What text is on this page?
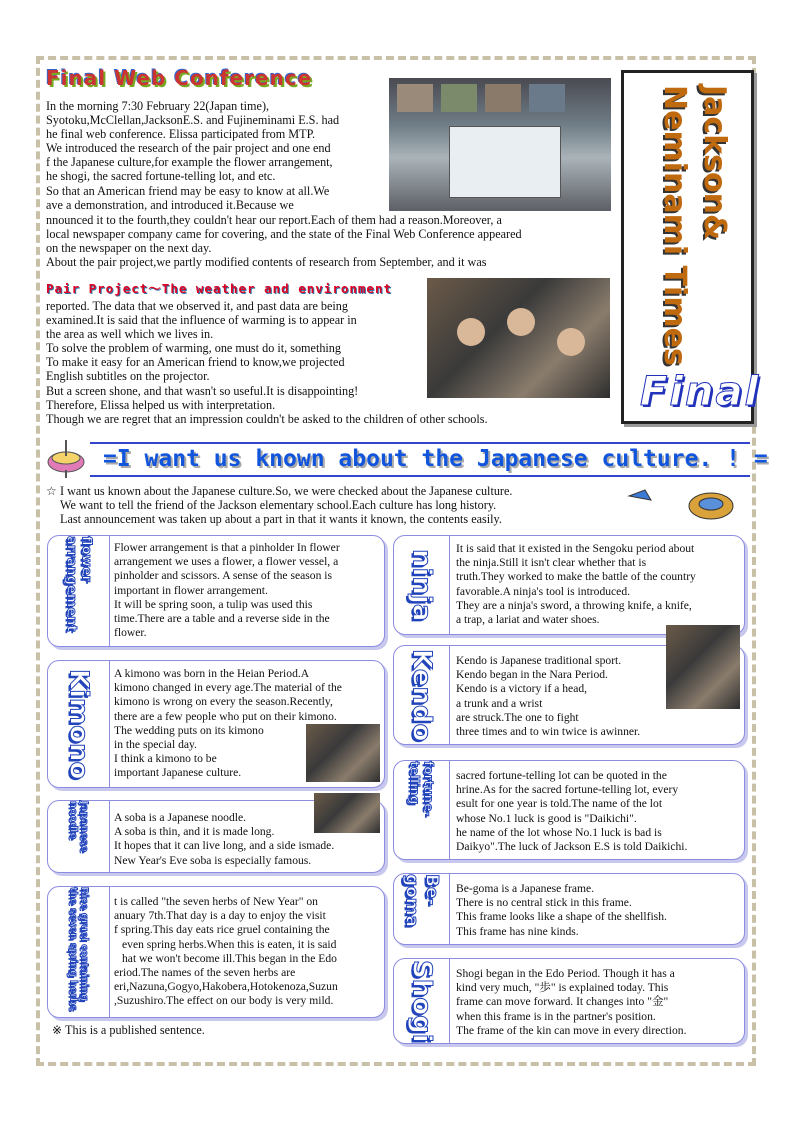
Final Web Conference
In the morning 7:30 February 22(Japan time),
Syotoku,McClellan,JacksonE.S. and Fujineminami E.S. had
he final web conference. Elissa participated from MTP.
We introduced the research of the pair project and one end
f the Japanese culture,for example the flower arrangement,
he shogi, the sacred fortune-telling lot, and etc.
So that an American friend may be easy to know at all.We
ave a demonstration, and introduced it.Because we
nnounced it to the fourth,they couldn't hear our report.Each of them had a reason.Moreover, a
local newspaper company came for covering, and the state of the Final Web Conference appeared
on the newspaper on the next day.
About the pair project,we partly modified contents of research from September, and it was
Jackson& Neminami Times
Final
Pair Project～The weather and environment
reported. The data that we observed it, and past data are being
examined.It is said that the influence of warming is to appear in
the area as well which we lives in.
To solve the problem of warming, one must do it, something
To make it easy for an American friend to know,we projected
English subtitles on the projector.
But a screen shone, and that wasn't so useful.It is disappointing!
Therefore, Elissa helped us with interpretation.
Though we are regret that an impression couldn't be asked to the children of other schools.
=I want us known about the Japanese culture. ! =
☆ I want us known about the Japanese culture.So, we were checked about the Japanese culture.
We want to tell the friend of the Jackson elementary school.Each culture has long history.
Last announcement was taken up about a part in that it wants it known, the contents easily.
flower arrangement	Flower arrangement is that a pinholder In flower
arrangement we uses a flower, a flower vessel, a
pinholder and scissors. A sense of the season is
important in flower arrangement.
It will be spring soon, a tulip was used this
time.There are a table and a reverse side in the
flower.
Kimono A kimono was born in the Heian Period.A
kimono changed in every age.The material of the
kimono is wrong on every the season.Recently,
there are a few people who put on their kimono.
The wedding puts on its kimono
in the special day.
I think a kimono to be
important Japanese culture.
Japanese noodle	A soba is a Japanese noodle.
A soba is thin, and it is made long.
It hopes that it can live long, and a side ismade.
New Year's Eve soba is especially famous.
Rice gruel containing the seven spring herbs	t is called "the seven herbs of New Year" on
anuary 7th.That day is a day to enjoy the visit
f spring.This day eats rice gruel containing the
even spring herbs.When this is eaten, it is said
hat we won't become ill.This began in the Edo
eriod.The names of the seven herbs are
eri,Nazuna,Gogyo,Hakobera,Hotokenoza,Suzun
,Suzushiro.The effect on our body is very mild.
※ This is a published sentence.
ninja
It is said that it existed in the Sengoku period about
the ninja.Still it isn't clear whether that is
truth.They worked to make the battle of the country
favorable.A ninja's tool is introduced.
They are a ninja's sword, a throwing knife, a knife,
a trap, a lariat and water shoes.
Kendo Kendo is Japanese traditional sport.
Kendo began in the Nara Period.
Kendo is a victory if a head,
a trunk and a wrist
are struck.The one to fight
three times and to win twice is awinner.
fortune-telling	sacred fortune-telling lot can be quoted in the
hrine.As for the sacred fortune-telling lot, every
esult for one year is told.The name of the lot
whose No.1 luck is good is "Daikichi".
he name of the lot whose No.1 luck is bad is
Daikyo".The luck of Jackson E.S is told Daikichi.
Be-goma	Be-goma is a Japanese frame.
There is no central stick in this frame.
This frame looks like a shape of the shellfish.
This frame has nine kinds.
Shogi Shogi began in the Edo Period. Though it has a
kind very much, "歩" is explained today. This
frame can move forward. It changes into "金"
when this frame is in the partner's position.
The frame of the kin can move in every direction.
